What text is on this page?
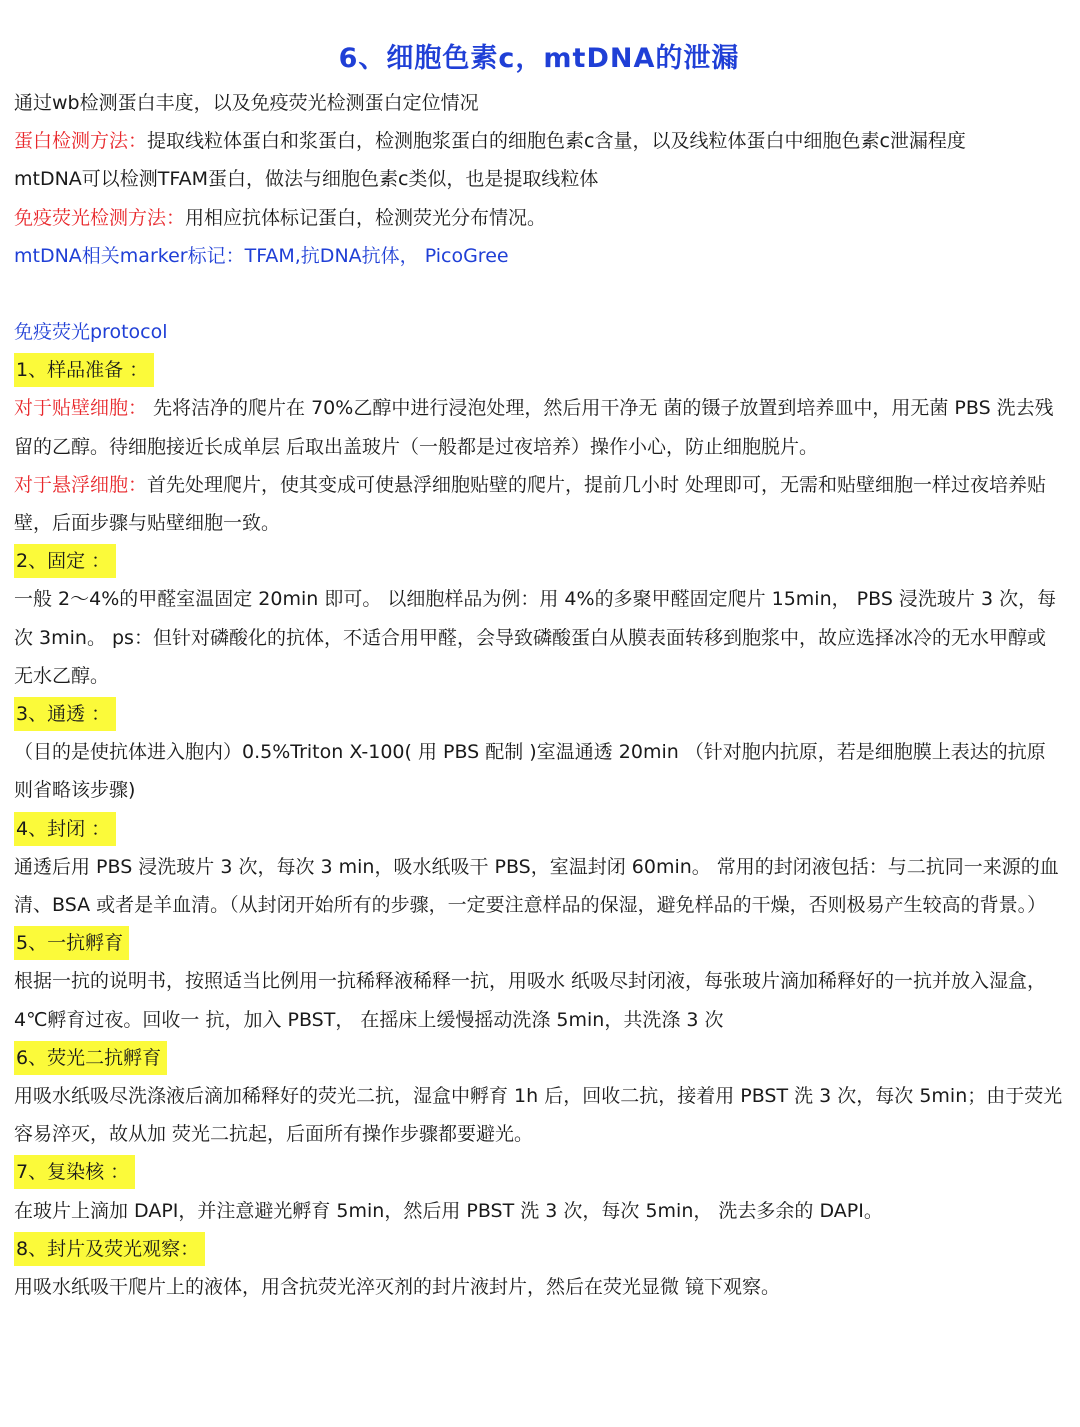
6、细胞色素c，mtDNA的泄漏

通过wb检测蛋白丰度，以及免疫荧光检测蛋白定位情况

蛋白检测方法：提取线粒体蛋白和浆蛋白，检测胞浆蛋白的细胞色素c含量，以及线粒体蛋白中细胞色素c泄漏程度

mtDNA可以检测TFAM蛋白，做法与细胞色素c类似，也是提取线粒体

免疫荧光检测方法：用相应抗体标记蛋白，检测荧光分布情况。

mtDNA相关marker标记：TFAM,抗DNA抗体， PicoGree

免疫荧光protocol

1、样品准备 ：

对于贴壁细胞： 先将洁净的爬片在 70%乙醇中进行浸泡处理，然后用干净无 菌的镊子放置到培养皿中，用无菌 PBS 洗去残留的乙醇。待细胞接近长成单层 后取出盖玻片（一般都是过夜培养）操作小心，防止细胞脱片。

对于悬浮细胞：首先处理爬片，使其变成可使悬浮细胞贴壁的爬片，提前几小时 处理即可，无需和贴壁细胞一样过夜培养贴壁，后面步骤与贴壁细胞一致。

2、固定 ：

一般 2～4%的甲醛室温固定 20min 即可。 以细胞样品为例：用 4%的多聚甲醛固定爬片 15min， PBS 浸洗玻片 3 次，每 次 3min。 ps：但针对磷酸化的抗体，不适合用甲醛，会导致磷酸蛋白从膜表面转移到胞浆中，故应选择冰冷的无水甲醇或无水乙醇。

3、通透 ：

（目的是使抗体进入胞内）0.5%Triton X-100( 用 PBS 配制 )室温通透 20min （针对胞内抗原，若是细胞膜上表达的抗原则省略该步骤)

4、封闭 ：

通透后用 PBS 浸洗玻片 3 次，每次 3 min，吸水纸吸干 PBS，室温封闭 60min。 常用的封闭液包括：与二抗同一来源的血清、BSA 或者是羊血清。（从封闭开始所有的步骤，一定要注意样品的保湿，避免样品的干燥，否则极易产生较高的背景。）

5、一抗孵育

根据一抗的说明书，按照适当比例用一抗稀释液稀释一抗，用吸水 纸吸尽封闭液，每张玻片滴加稀释好的一抗并放入湿盒， 4℃孵育过夜。回收一 抗，加入 PBST， 在摇床上缓慢摇动洗涤 5min，共洗涤 3 次

6、荧光二抗孵育

用吸水纸吸尽洗涤液后滴加稀释好的荧光二抗，湿盒中孵育 1h 后，回收二抗，接着用 PBST 洗 3 次，每次 5min；由于荧光容易淬灭，故从加 荧光二抗起，后面所有操作步骤都要避光。

7、复染核 ：

在玻片上滴加 DAPI，并注意避光孵育 5min，然后用 PBST 洗 3 次，每次 5min， 洗去多余的 DAPI。

8、封片及荧光观察：

用吸水纸吸干爬片上的液体，用含抗荧光淬灭剂的封片液封片，然后在荧光显微 镜下观察。
